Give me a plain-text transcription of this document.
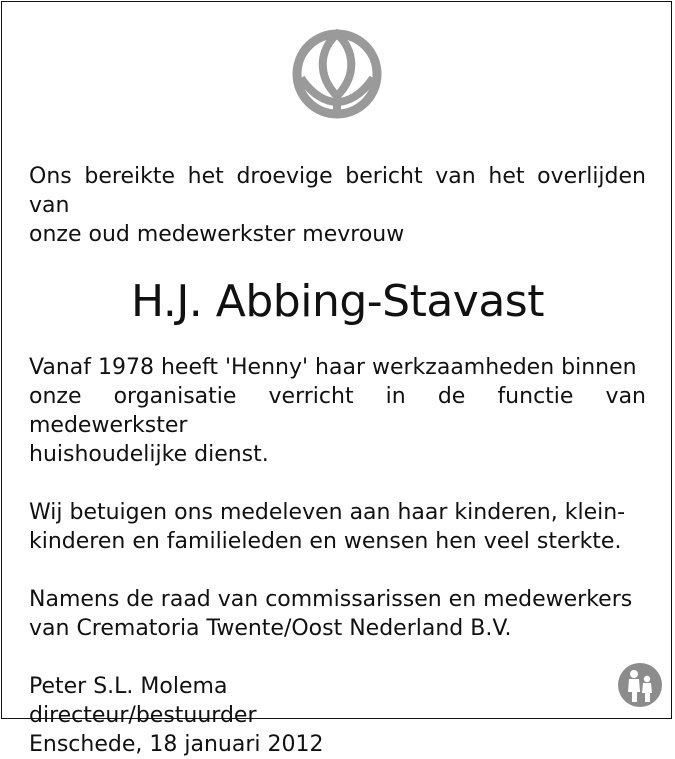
Ons bereikte het droevige bericht van het overlijden van
onze oud medewerkster mevrouw

H.J. Abbing-Stavast

Vanaf 1978 heeft 'Henny' haar werkzaamheden binnen
onze organisatie verricht in de functie van medewerkster
huishoudelijke dienst.

Wij betuigen ons medeleven aan haar kinderen, klein-
kinderen en familieleden en wensen hen veel sterkte.

Namens de raad van commissarissen en medewerkers
van Crematoria Twente/Oost Nederland B.V.

Peter S.L. Molema
directeur/bestuurder
Enschede, 18 januari 2012
